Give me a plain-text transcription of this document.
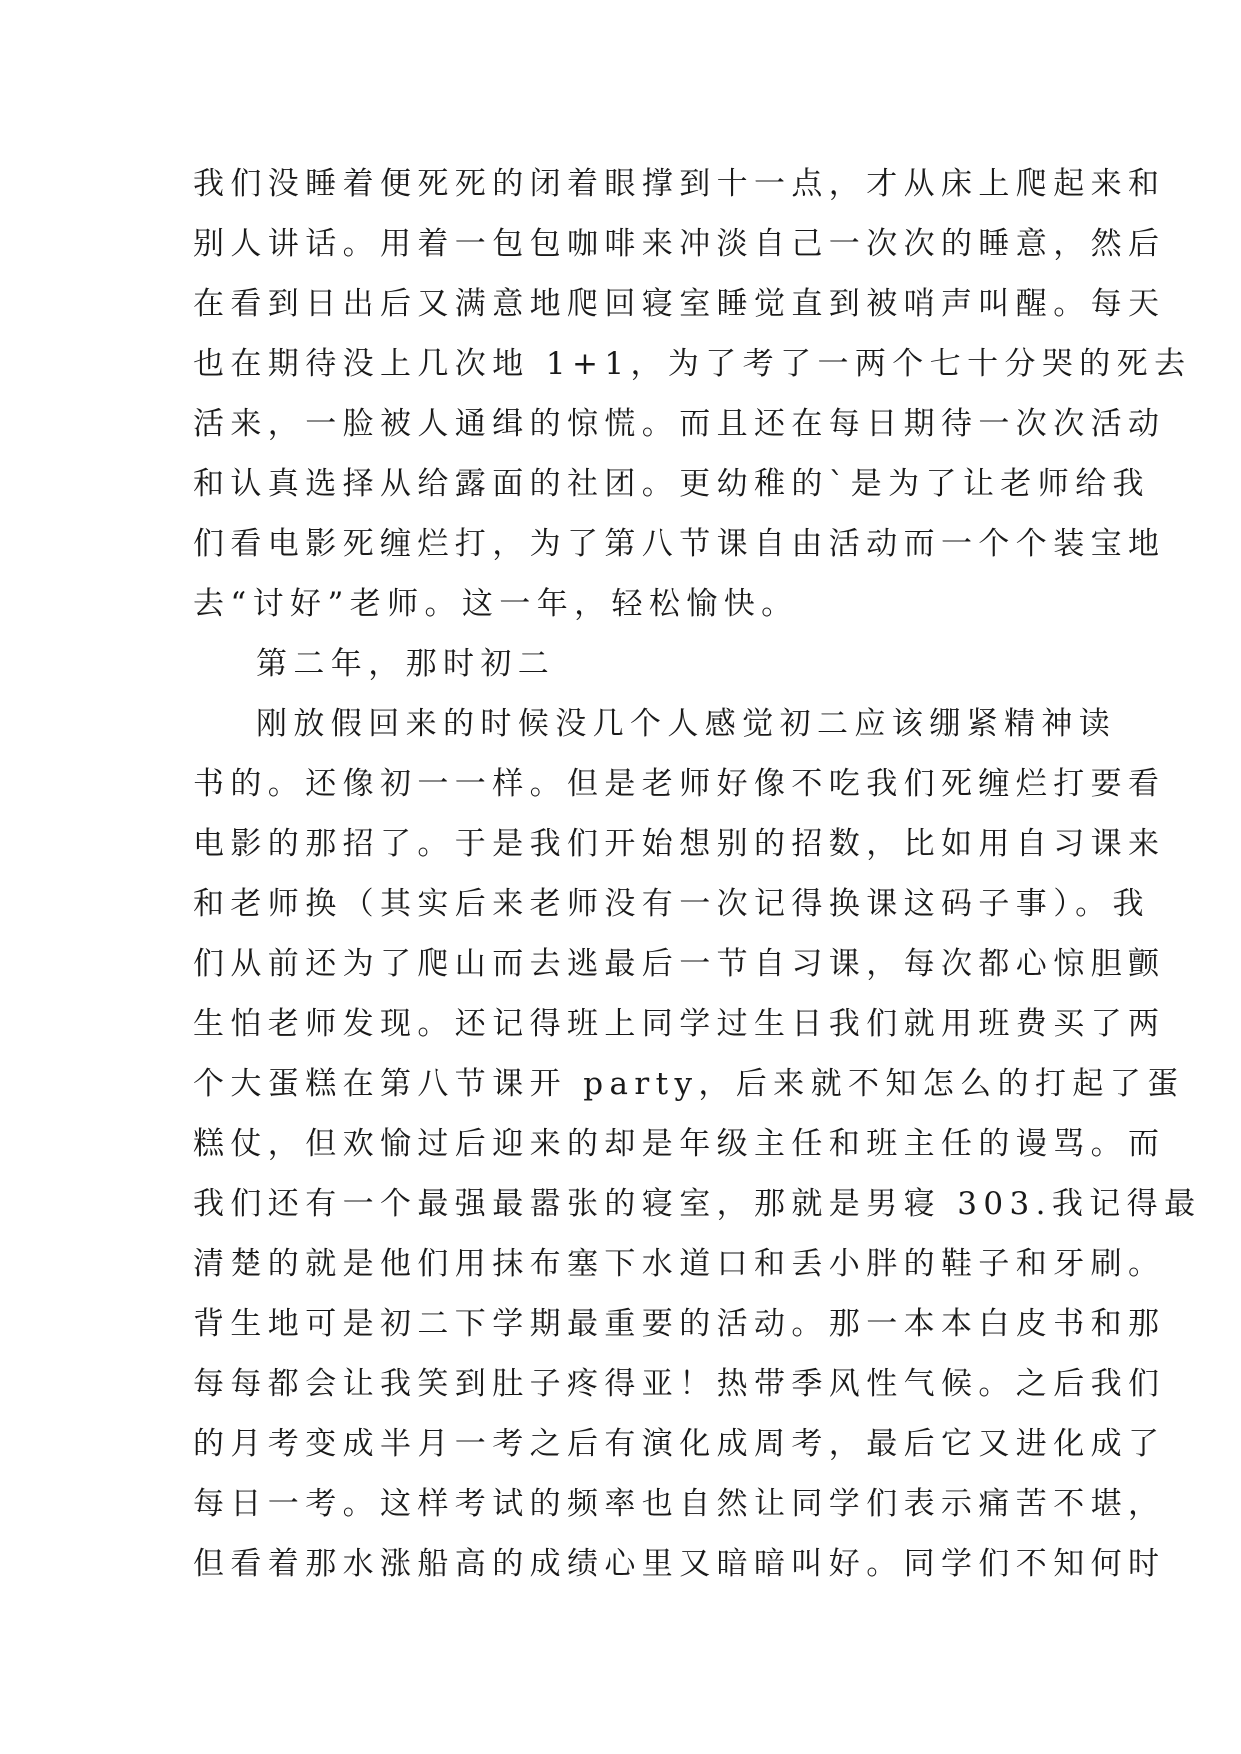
我们没睡着便死死的闭着眼撑到十一点，才从床上爬起来和
别人讲话。用着一包包咖啡来冲淡自己一次次的睡意，然后
在看到日出后又满意地爬回寝室睡觉直到被哨声叫醒。每天
也在期待没上几次地 1+1，为了考了一两个七十分哭的死去
活来，一脸被人通缉的惊慌。而且还在每日期待一次次活动
和认真选择从给露面的社团。更幼稚的`是为了让老师给我
们看电影死缠烂打，为了第八节课自由活动而一个个装宝地
去“讨好”老师。这一年，轻松愉快。
第二年，那时初二
刚放假回来的时候没几个人感觉初二应该绷紧精神读
书的。还像初一一样。但是老师好像不吃我们死缠烂打要看
电影的那招了。于是我们开始想别的招数，比如用自习课来
和老师换（其实后来老师没有一次记得换课这码子事）。我
们从前还为了爬山而去逃最后一节自习课，每次都心惊胆颤
生怕老师发现。还记得班上同学过生日我们就用班费买了两
个大蛋糕在第八节课开 party，后来就不知怎么的打起了蛋
糕仗，但欢愉过后迎来的却是年级主任和班主任的谩骂。而
我们还有一个最强最嚣张的寝室，那就是男寝 303.我记得最
清楚的就是他们用抹布塞下水道口和丢小胖的鞋子和牙刷。
背生地可是初二下学期最重要的活动。那一本本白皮书和那
每每都会让我笑到肚子疼得亚！热带季风性气候。之后我们
的月考变成半月一考之后有演化成周考，最后它又进化成了
每日一考。这样考试的频率也自然让同学们表示痛苦不堪，
但看着那水涨船高的成绩心里又暗暗叫好。同学们不知何时
